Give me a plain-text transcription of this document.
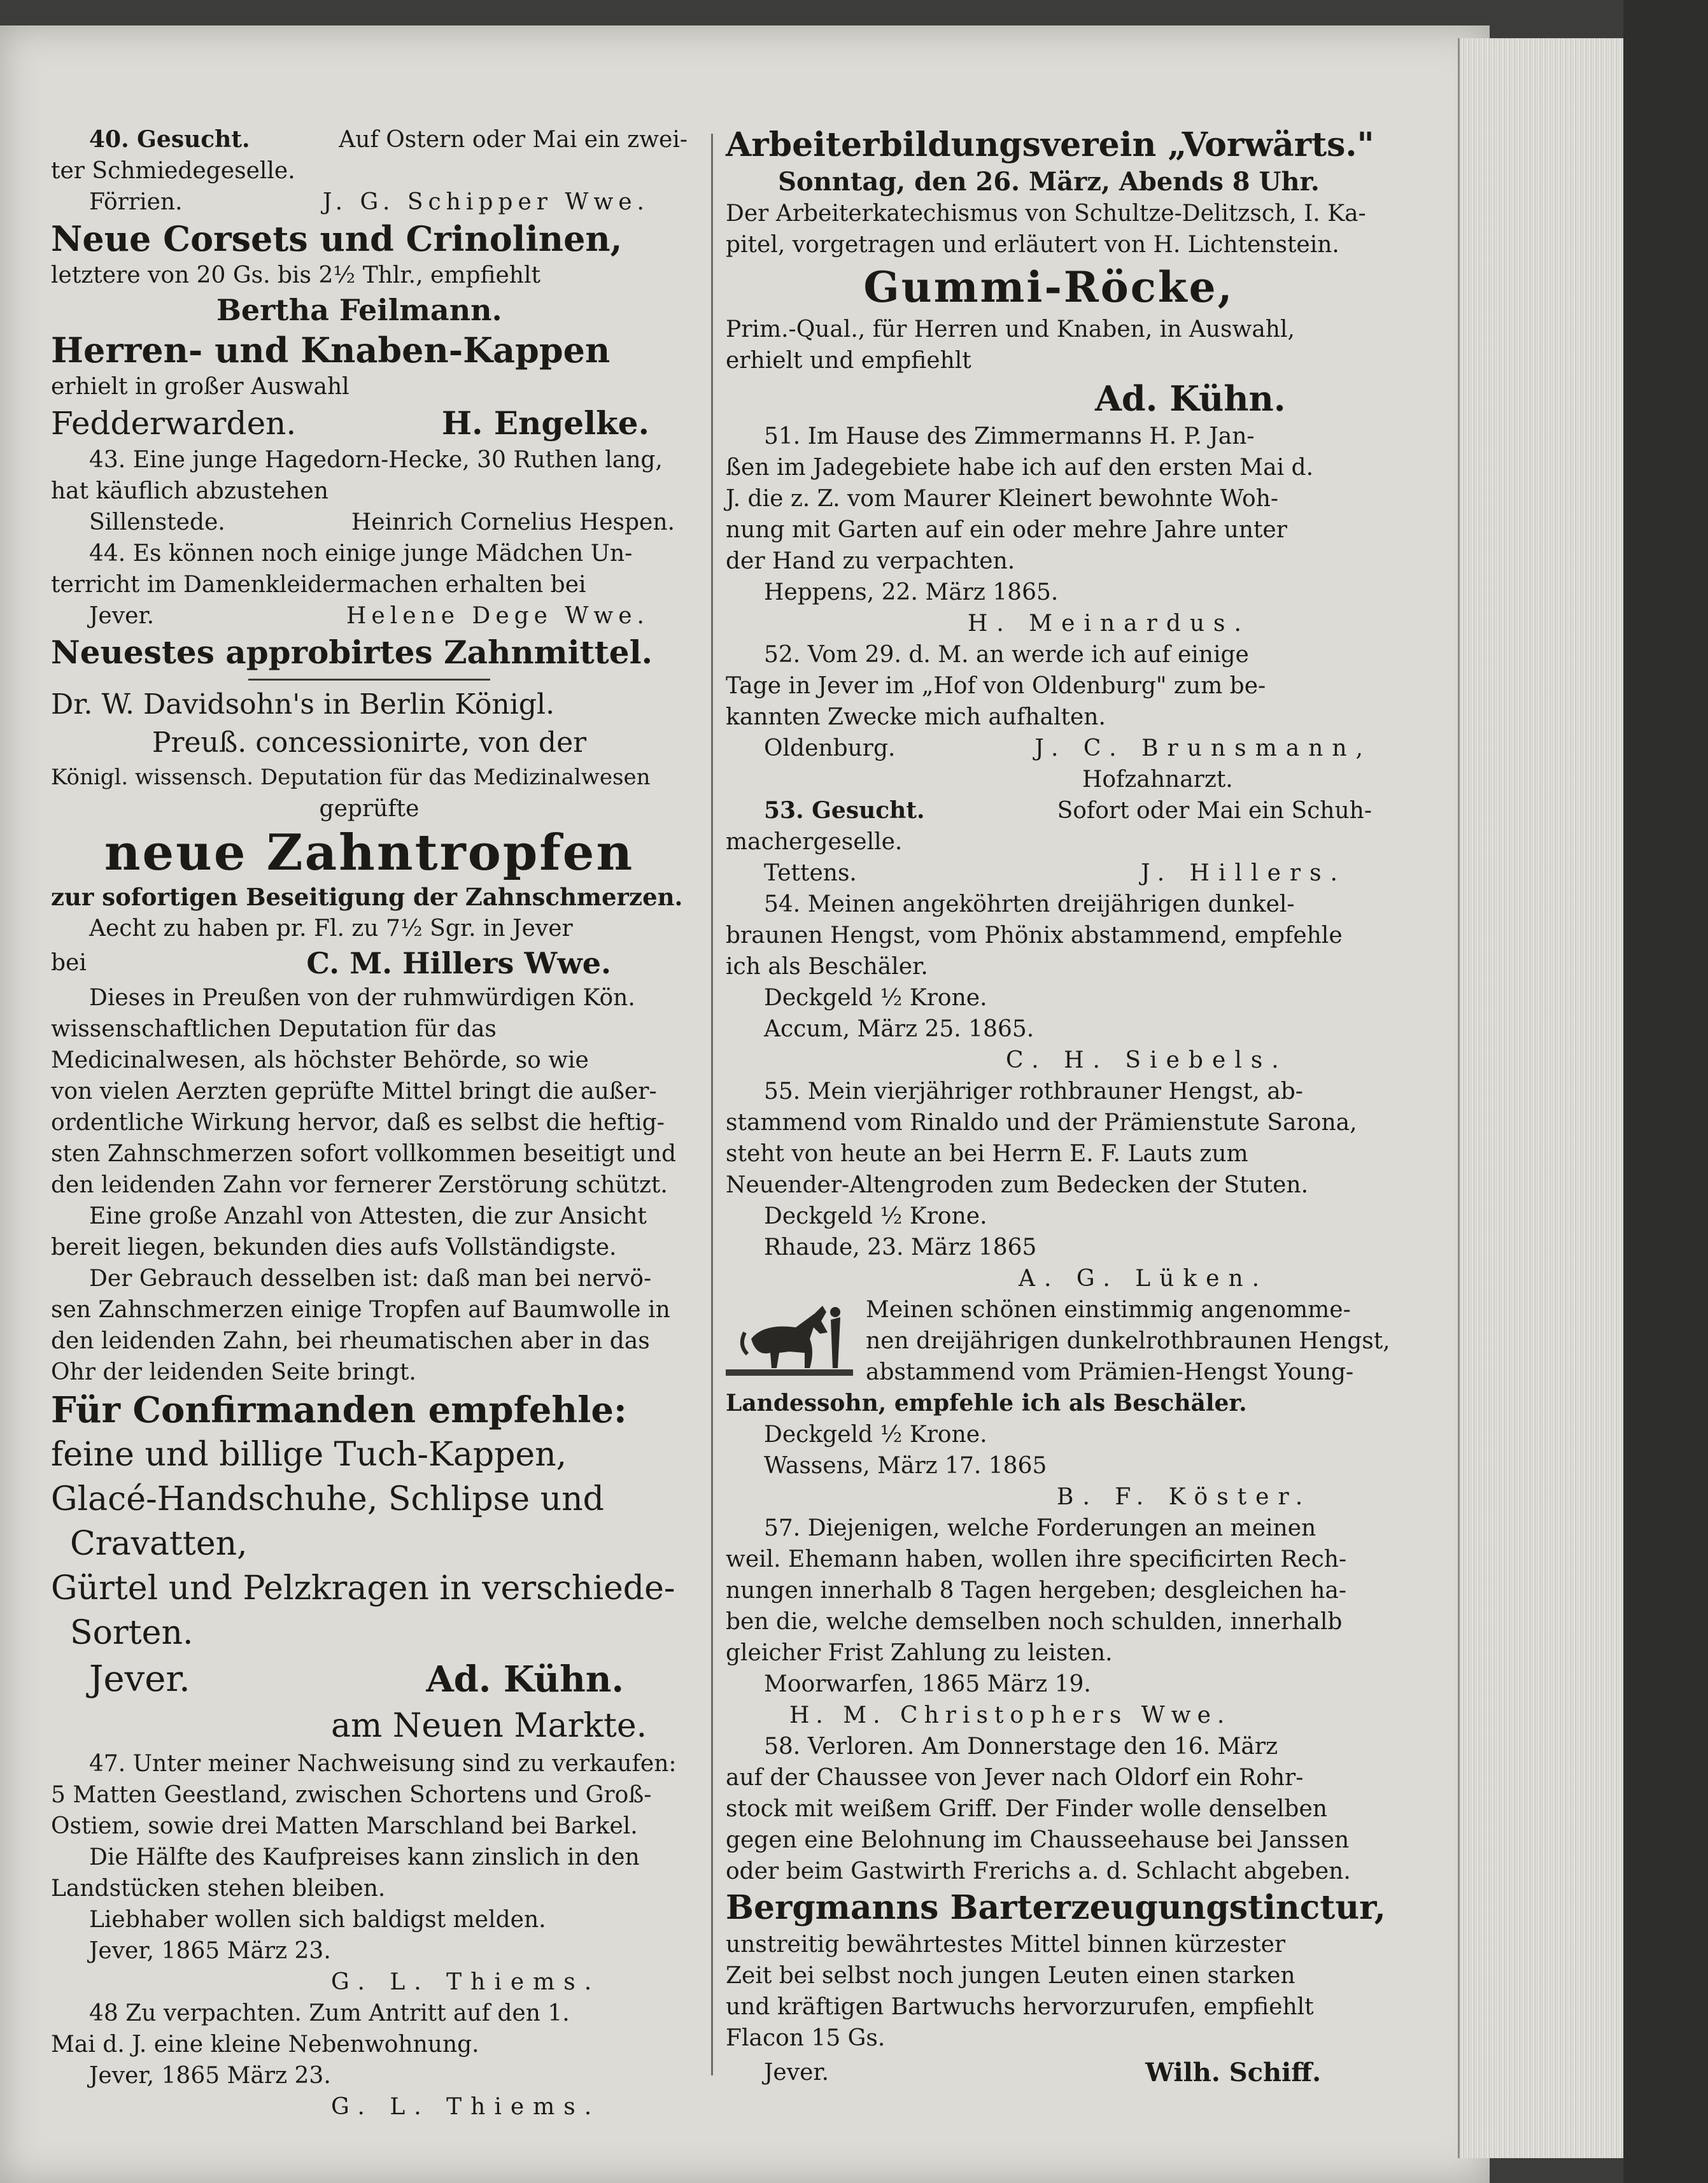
40. Gesucht.	Auf Ostern oder Mai ein zwei-

ter Schmiedegeselle.

Förrien.	J. G. Schipper Wwe.

Neue Corsets und Crinolinen,

letztere von 20 Gs. bis 2½ Thlr., empfiehlt

Bertha Feilmann.

Herren- und Knaben-Kappen

erhielt in großer Auswahl

Fedderwarden.	H. Engelke.

43. Eine junge Hagedorn-Hecke, 30 Ruthen lang,

hat käuflich abzustehen

Sillenstede.	Heinrich Cornelius Hespen.

44. Es können noch einige junge Mädchen Un-

terricht im Damenkleidermachen erhalten bei

Jever.	Helene Dege Wwe.

Neuestes approbirtes Zahnmittel.

Dr. W. Davidsohn's in Berlin Königl.

Preuß. concessionirte, von der

Königl. wissensch. Deputation für das Medizinalwesen

geprüfte

neue Zahntropfen

zur sofortigen Beseitigung der Zahnschmerzen.

Aecht zu haben pr. Fl. zu 7½ Sgr. in Jever

bei	C. M. Hillers Wwe.

Dieses in Preußen von der ruhmwürdigen Kön.

wissenschaftlichen Deputation für das

Medicinalwesen, als höchster Behörde, so wie

von vielen Aerzten geprüfte Mittel bringt die außer-

ordentliche Wirkung hervor, daß es selbst die heftig-

sten Zahnschmerzen sofort vollkommen beseitigt und

den leidenden Zahn vor fernerer Zerstörung schützt.

Eine große Anzahl von Attesten, die zur Ansicht

bereit liegen, bekunden dies aufs Vollständigste.

Der Gebrauch desselben ist: daß man bei nervö-

sen Zahnschmerzen einige Tropfen auf Baumwolle in

den leidenden Zahn, bei rheumatischen aber in das

Ohr der leidenden Seite bringt.

Für Confirmanden empfehle:

feine und billige Tuch-Kappen,

Glacé-Handschuhe, Schlipse und

Cravatten,

Gürtel und Pelzkragen in verschiede-

Sorten.

Jever.	Ad. Kühn.

am Neuen Markte.

47. Unter meiner Nachweisung sind zu verkaufen:

5 Matten Geestland, zwischen Schortens und Groß-

Ostiem, sowie drei Matten Marschland bei Barkel.

Die Hälfte des Kaufpreises kann zinslich in den

Landstücken stehen bleiben.

Liebhaber wollen sich baldigst melden.

Jever, 1865 März 23.

G. L. Thiems.

48 Zu verpachten. Zum Antritt auf den 1.

Mai d. J. eine kleine Nebenwohnung.

Jever, 1865 März 23.

G. L. Thiems.

Arbeiterbildungsverein „Vorwärts."

Sonntag, den 26. März, Abends 8 Uhr.

Der Arbeiterkatechismus von Schultze-Delitzsch, I. Ka-

pitel, vorgetragen und erläutert von H. Lichtenstein.

Gummi-Röcke,

Prim.-Qual., für Herren und Knaben, in Auswahl,

erhielt und empfiehlt

Ad. Kühn.

51. Im Hause des Zimmermanns H. P. Jan-

ßen im Jadegebiete habe ich auf den ersten Mai d.

J. die z. Z. vom Maurer Kleinert bewohnte Woh-

nung mit Garten auf ein oder mehre Jahre unter

der Hand zu verpachten.

Heppens, 22. März 1865.

H. Meinardus.

52. Vom 29. d. M. an werde ich auf einige

Tage in Jever im „Hof von Oldenburg" zum be-

kannten Zwecke mich aufhalten.

Oldenburg.	J. C. Brunsmann,

Hofzahnarzt.

53. Gesucht.	Sofort oder Mai ein Schuh-

machergeselle.

Tettens.	J. Hillers.

54. Meinen angeköhrten dreijährigen dunkel-

braunen Hengst, vom Phönix abstammend, empfehle

ich als Beschäler.

Deckgeld ½ Krone.

Accum, März 25. 1865.

C. H. Siebels.

55. Mein vierjähriger rothbrauner Hengst, ab-

stammend vom Rinaldo und der Prämienstute Sarona,

steht von heute an bei Herrn E. F. Lauts zum

Neuender-Altengroden zum Bedecken der Stuten.

Deckgeld ½ Krone.

Rhaude, 23. März 1865

A. G. Lüken.

Meinen schönen einstimmig angenomme-

nen dreijährigen dunkelrothbraunen Hengst,

abstammend vom Prämien-Hengst Young-

Landessohn, empfehle ich als Beschäler.

Deckgeld ½ Krone.

Wassens, März 17. 1865

B. F. Köster.

57. Diejenigen, welche Forderungen an meinen

weil. Ehemann haben, wollen ihre specificirten Rech-

nungen innerhalb 8 Tagen hergeben; desgleichen ha-

ben die, welche demselben noch schulden, innerhalb

gleicher Frist Zahlung zu leisten.

Moorwarfen, 1865 März 19.

H. M. Christophers Wwe.

58. Verloren. Am Donnerstage den 16. März

auf der Chaussee von Jever nach Oldorf ein Rohr-

stock mit weißem Griff. Der Finder wolle denselben

gegen eine Belohnung im Chausseehause bei Janssen

oder beim Gastwirth Frerichs a. d. Schlacht abgeben.

Bergmanns Barterzeugungstinctur,

unstreitig bewährtestes Mittel binnen kürzester

Zeit bei selbst noch jungen Leuten einen starken

und kräftigen Bartwuchs hervorzurufen, empfiehlt

Flacon 15 Gs.

Jever.	Wilh. Schiff.
